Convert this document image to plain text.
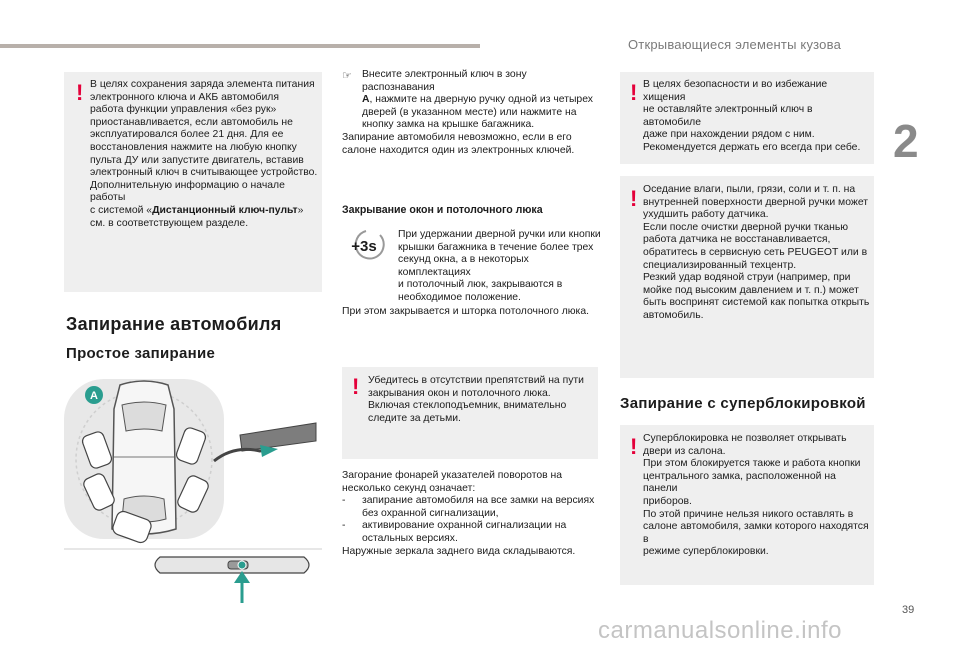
Открывающиеся элементы кузова
2
! В целях сохранения заряда элемента питания
электронного ключа и АКБ автомобиля
работа функции управления «без рук»
приостанавливается, если автомобиль не
эксплуатировался более 21 дня. Для ее
восстановления нажмите на любую кнопку
пульта ДУ или запустите двигатель, вставив
электронный ключ в считывающее устройство.
Дополнительную информацию о начале работы
с системой «Дистанционный ключ-пульт»
см. в соответствующем разделе.
Запирание автомобиля
Простое запирание
A
☞ Внесите электронный ключ в зону распознавания
A, нажмите на дверную ручку одной из четырех
дверей (в указанном месте) или нажмите на
кнопку замка на крышке багажника.
Запирание автомобиля невозможно, если в его
салоне находится один из электронных ключей.
Закрывание окон и потолочного люка
+3s
При удержании дверной ручки или кнопки
крышки багажника в течение более трех
секунд окна, а в некоторых комплектациях
и потолочный люк, закрываются в
необходимое положение.
При этом закрывается и шторка потолочного люка.
! Убедитесь в отсутствии препятствий на пути
закрывания окон и потолочного люка.
Включая стеклоподъемник, внимательно
следите за детьми.
Загорание фонарей указателей поворотов на
несколько секунд означает:
- запирание автомобиля на все замки на версиях без охранной сигнализации,
- активирование охранной сигнализации на остальных версиях.
Наружные зеркала заднего вида складываются.
! В целях безопасности и во избежание хищения
не оставляйте электронный ключ в автомобиле
даже при нахождении рядом с ним.
Рекомендуется держать его всегда при себе.
! Оседание влаги, пыли, грязи, соли и т. п. на
внутренней поверхности дверной ручки может
ухудшить работу датчика.
Если после очистки дверной ручки тканью
работа датчика не восстанавливается,
обратитесь в сервисную сеть PEUGEOT или в
специализированный техцентр.
Резкий удар водяной струи (например, при
мойке под высоким давлением и т. п.) может
быть воспринят системой как попытка открыть
автомобиль.
Запирание с суперблокировкой
! Суперблокировка не позволяет открывать
двери из салона.
При этом блокируется также и работа кнопки
центрального замка, расположенной на панели
приборов.
По этой причине нельзя никого оставлять в
салоне автомобиля, замки которого находятся в
режиме суперблокировки.
39
carmanualsonline.info
